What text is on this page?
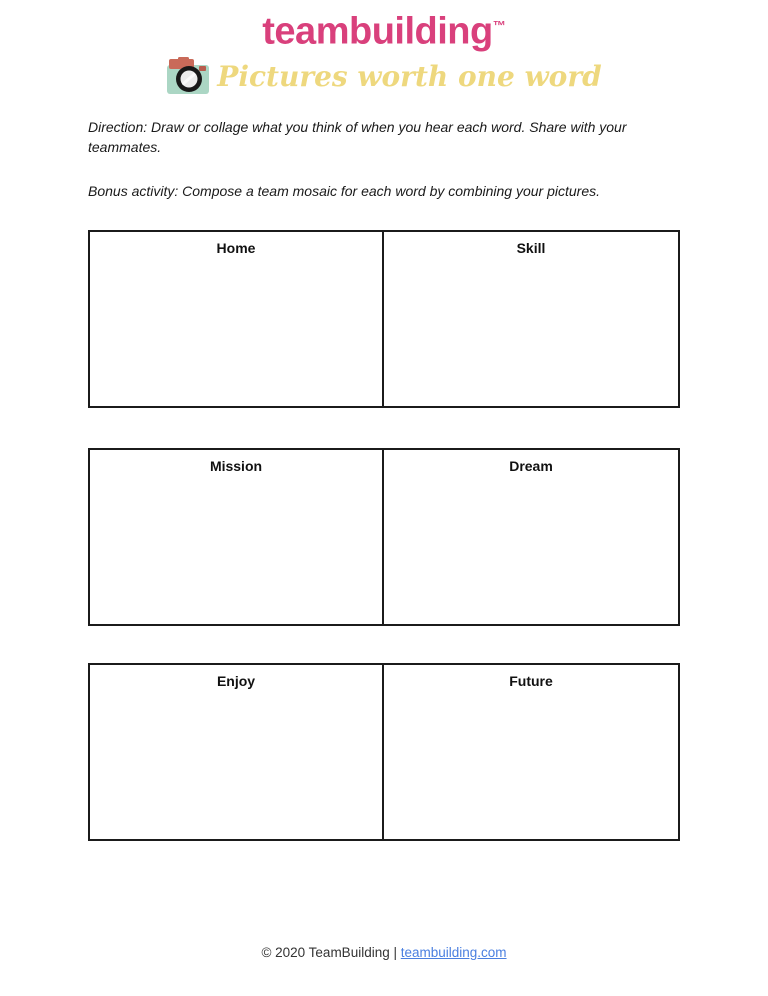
teambuilding™
Pictures worth one word

Direction: Draw or collage what you think of when you hear each word. Share with your teammates.

Bonus activity: Compose a team mosaic for each word by combining your pictures.

Home	Skill
Mission	Dream
Enjoy	Future
© 2020 TeamBuilding | teambuilding.com
